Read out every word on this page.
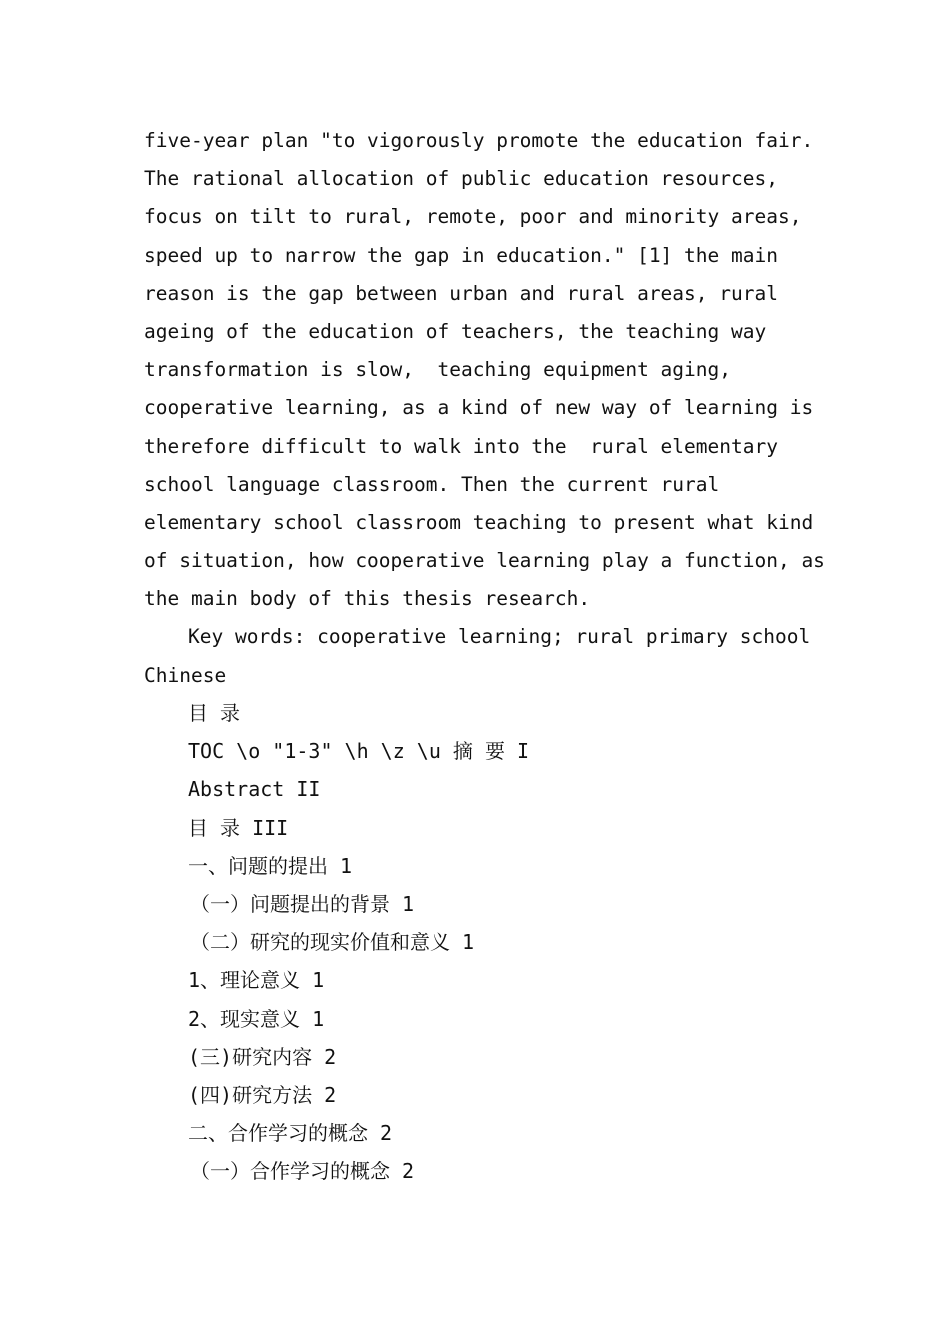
five-year plan "to vigorously promote the education fair.
The rational allocation of public education resources,
focus on tilt to rural, remote, poor and minority areas,
speed up to narrow the gap in education." [1] the main
reason is the gap between urban and rural areas, rural
ageing of the education of teachers, the teaching way
transformation is slow,  teaching equipment aging,
cooperative learning, as a kind of new way of learning is
therefore difficult to walk into the  rural elementary
school language classroom. Then the current rural
elementary school classroom teaching to present what kind
of situation, how cooperative learning play a function, as
the main body of this thesis research.
Key words: cooperative learning; rural primary school
Chinese
目 录
TOC \o "1-3" \h \z \u 摘 要 I
Abstract II
目 录 III
一、问题的提出 1
（一）问题提出的背景 1
（二）研究的现实价值和意义 1
1、理论意义 1
2、现实意义 1
(三)研究内容 2
(四)研究方法 2
二、合作学习的概念 2
（一）合作学习的概念 2
